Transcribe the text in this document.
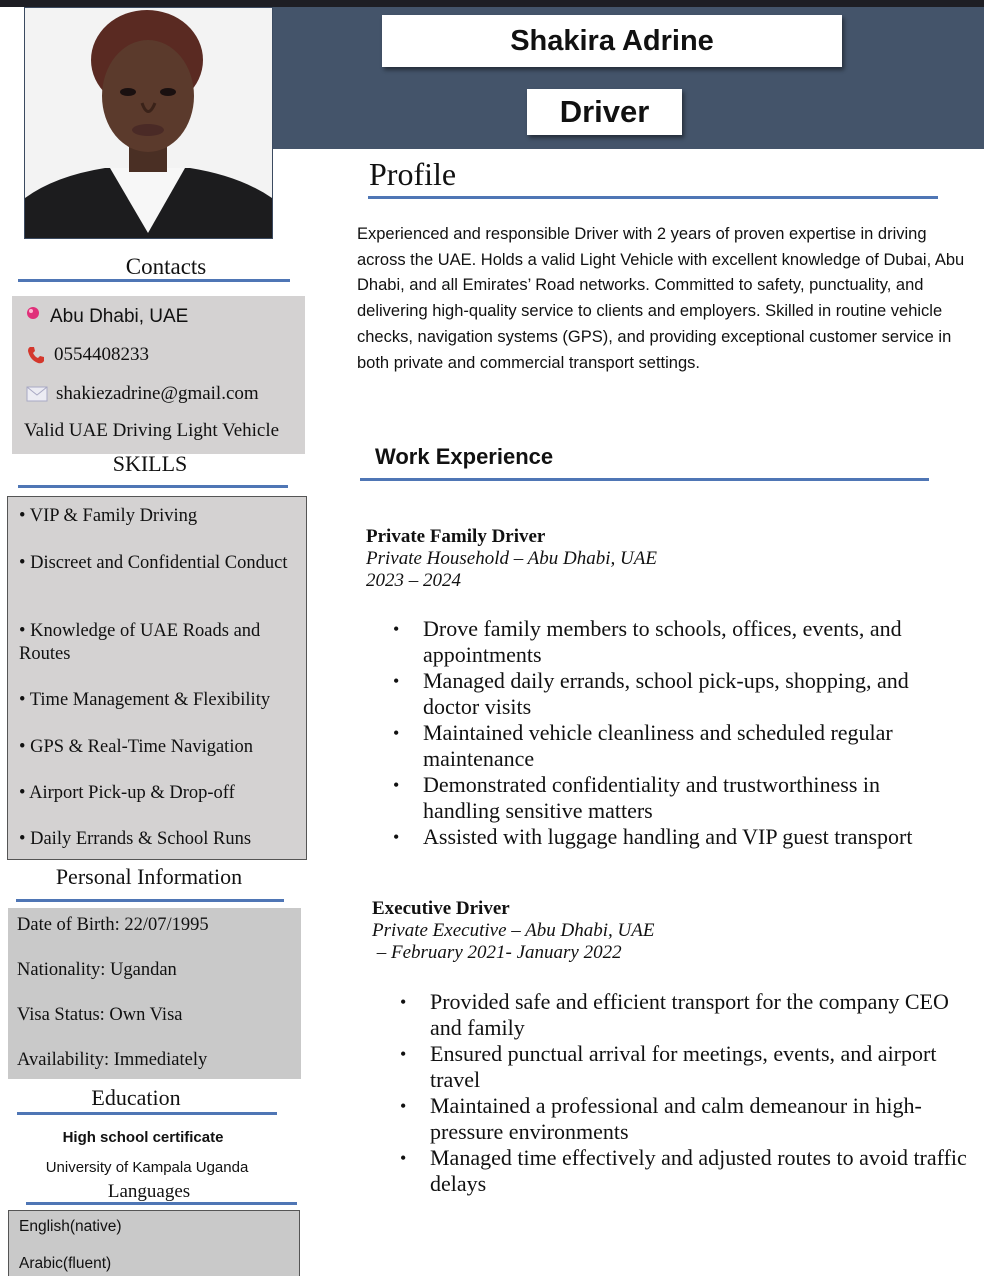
Shakira Adrine
Driver
Contacts
Abu Dhabi, UAE
0554408233
shakiezadrine@gmail.com
Valid UAE Driving Light Vehicle
SKILLS
• VIP & Family Driving
• Discreet and Confidential Conduct
• Knowledge of UAE Roads and Routes
• Time Management & Flexibility
• GPS & Real-Time Navigation
• Airport Pick-up & Drop-off
• Daily Errands & School Runs
Personal Information
Date of Birth: 22/07/1995
Nationality: Ugandan
Visa Status: Own Visa
Availability: Immediately
Education
High school certificate
University of Kampala Uganda
Languages
English(native)
Arabic(fluent)
Profile
Experienced and responsible Driver with 2 years of proven expertise in driving across the UAE. Holds a valid Light Vehicle with excellent knowledge of Dubai, Abu Dhabi, and all Emirates’ Road networks. Committed to safety, punctuality, and delivering high-quality service to clients and employers. Skilled in routine vehicle checks, navigation systems (GPS), and providing exceptional customer service in both private and commercial transport settings.
Work Experience
Private Family Driver
Private Household – Abu Dhabi, UAE
2023 – 2024
• Drove family members to schools, offices, events, and appointments
• Managed daily errands, school pick-ups, shopping, and doctor visits
• Maintained vehicle cleanliness and scheduled regular maintenance
• Demonstrated confidentiality and trustworthiness in handling sensitive matters
• Assisted with luggage handling and VIP guest transport
Executive Driver
Private Executive – Abu Dhabi, UAE
– February 2021- January 2022
• Provided safe and efficient transport for the company CEO and family
• Ensured punctual arrival for meetings, events, and airport travel
• Maintained a professional and calm demeanour in high-pressure environments
• Managed time effectively and adjusted routes to avoid traffic delays
